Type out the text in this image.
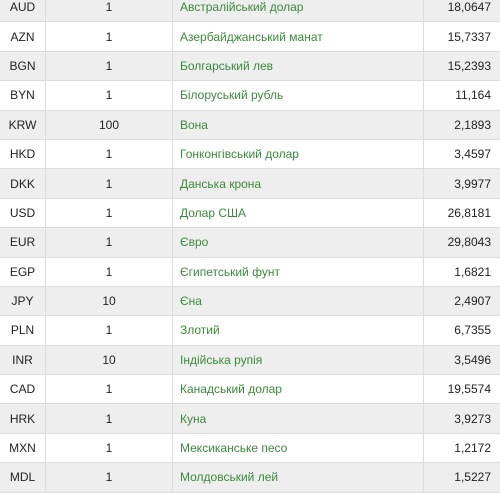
AUD	1	Австралійський долар	18,0647
AZN	1	Азербайджанський манат	15,7337
BGN	1	Болгарський лев	15,2393
BYN	1	Білоруський рубль	11,164
KRW	100	Вона	2,1893
HKD	1	Гонконгівський долар	3,4597
DKK	1	Данська крона	3,9977
USD	1	Долар США	26,8181
EUR	1	Євро	29,8043
EGP	1	Єгипетський фунт	1,6821
JPY	10	Єна	2,4907
PLN	1	Злотий	6,7355
INR	10	Індійська рупія	3,5496
CAD	1	Канадський долар	19,5574
HRK	1	Куна	3,9273
MXN	1	Мексиканське песо	1,2172
MDL	1	Молдовський лей	1,5227
